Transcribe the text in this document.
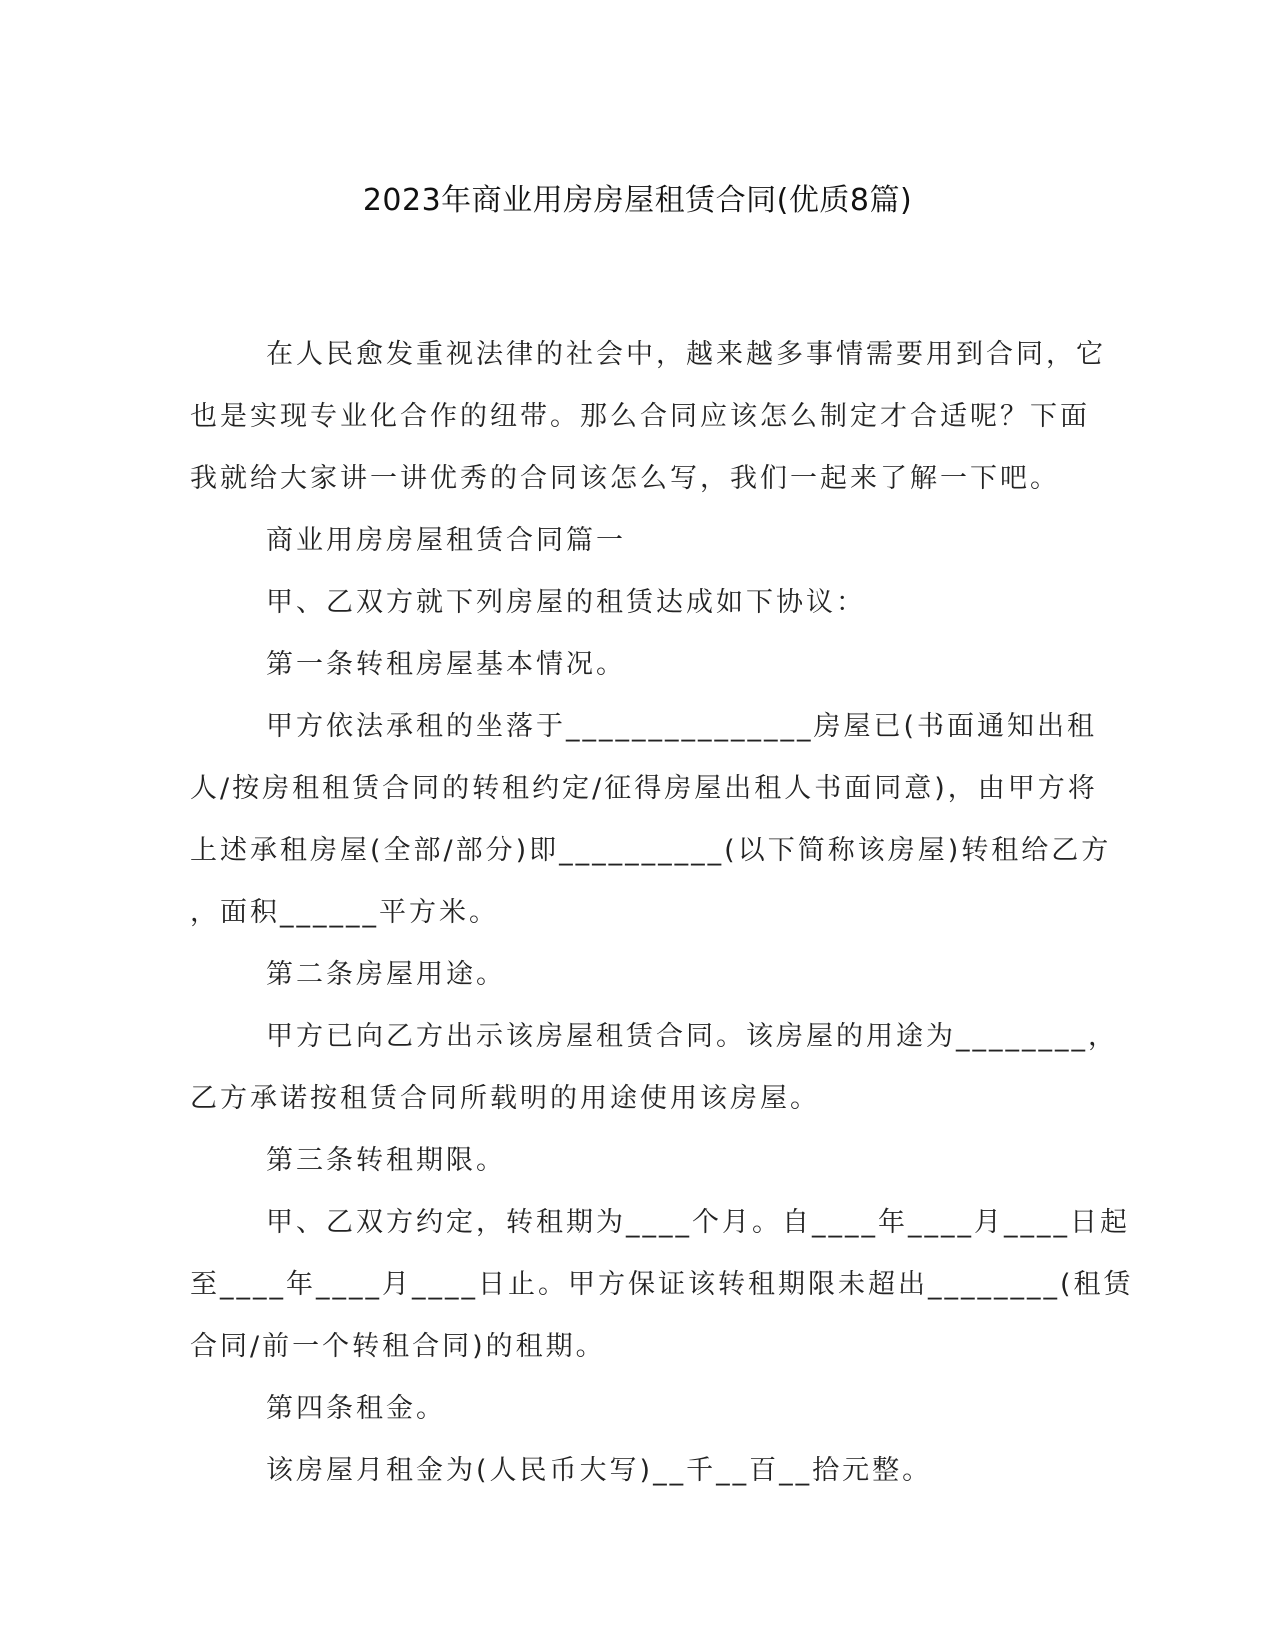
2023年商业用房房屋租赁合同(优质8篇)

在人民愈发重视法律的社会中，越来越多事情需要用到合同，它

也是实现专业化合作的纽带。那么合同应该怎么制定才合适呢？下面

我就给大家讲一讲优秀的合同该怎么写，我们一起来了解一下吧。

商业用房房屋租赁合同篇一

甲、乙双方就下列房屋的租赁达成如下协议：

第一条转租房屋基本情况。

甲方依法承租的坐落于_______________房屋已(书面通知出租

人/按房租租赁合同的转租约定/征得房屋出租人书面同意)，由甲方将

上述承租房屋(全部/部分)即__________(以下简称该房屋)转租给乙方

，面积______平方米。

第二条房屋用途。

甲方已向乙方出示该房屋租赁合同。该房屋的用途为________，

乙方承诺按租赁合同所载明的用途使用该房屋。

第三条转租期限。

甲、乙双方约定，转租期为____个月。自____年____月____日起

至____年____月____日止。甲方保证该转租期限未超出________(租赁

合同/前一个转租合同)的租期。

第四条租金。

该房屋月租金为(人民币大写)__千__百__拾元整。
